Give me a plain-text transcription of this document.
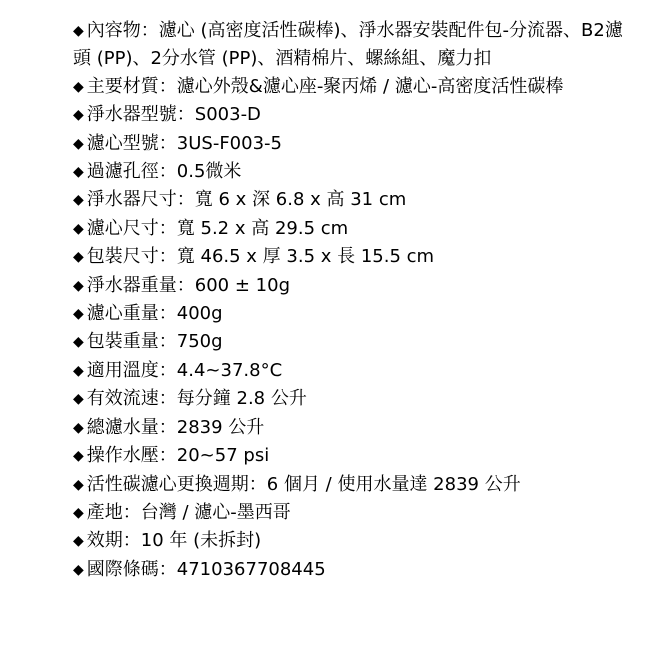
◆ 內容物：濾心 (高密度活性碳棒)、淨水器安裝配件包-分流器、B2濾頭 (PP)、2分水管 (PP)、酒精棉片、螺絲組、魔力扣

◆ 主要材質：濾心外殼&濾心座-聚丙烯 / 濾心-高密度活性碳棒

◆ 淨水器型號：S003-D

◆ 濾心型號：3US-F003-5

◆ 過濾孔徑：0.5微米

◆ 淨水器尺寸：寬 6 x 深 6.8 x 高 31 cm

◆ 濾心尺寸：寬 5.2 x 高 29.5 cm

◆ 包裝尺寸：寬 46.5 x 厚 3.5 x 長 15.5 cm

◆ 淨水器重量：600 ± 10g

◆ 濾心重量：400g

◆ 包裝重量：750g

◆ 適用溫度：4.4~37.8°C

◆ 有效流速：每分鐘 2.8 公升

◆ 總濾水量：2839 公升

◆ 操作水壓：20~57 psi

◆ 活性碳濾心更換週期：6 個月 / 使用水量達 2839 公升

◆ 產地：台灣 / 濾心-墨西哥

◆ 效期：10 年 (未拆封)

◆ 國際條碼：4710367708445
